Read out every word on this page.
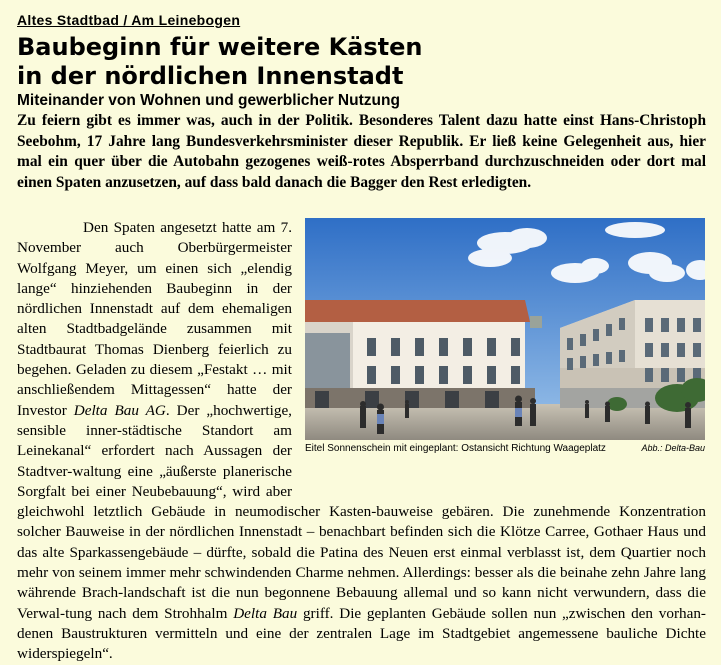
Altes Stadtbad / Am Leinebogen
Baubeginn für weitere Kästen
in der nördlichen Innenstadt
Miteinander von Wohnen und gewerblicher Nutzung

Zu feiern gibt es immer was, auch in der Politik. Besonderes Talent dazu hatte einst Hans-Christoph Seebohm, 17 Jahre lang Bundesverkehrsminister dieser Republik. Er ließ keine Gelegenheit aus, hier mal ein quer über die Autobahn gezogenes weiß-rotes Absperrband durchzuschneiden oder dort mal einen Spaten anzusetzen, auf dass bald danach die Bagger den Rest erledigten.

Den Spaten angesetzt hatte am 7. November auch Oberbürgermeister Wolfgang Meyer, um einen sich „elendig lange“ hinziehenden Baubeginn in der nördlichen Innenstadt auf dem ehemaligen alten Stadtbadgelände zusammen mit Stadtbaurat Thomas Dienberg feierlich zu begehen. Geladen zu diesem „Festakt … mit anschließendem Mittagessen“ hatte der Investor Delta Bau AG. Der „hochwertige, sensible inner-städtische Standort am Leinekanal“ erfordert nach Aussagen der Stadtver-waltung eine „äußerste planerische Sorgfalt bei einer Neubebauung“, wird aber gleichwohl letztlich Gebäude in neumodischer Kasten-bauweise gebären. Die zunehmende Konzentration solcher Bauweise in der nördlichen Innenstadt – benachbart befinden sich die Klötze Carree, Gothaer Haus und das alte Sparkassengebäude – dürfte, sobald die Patina des Neuen erst einmal verblasst ist, dem Quartier noch mehr von seinem immer mehr schwindenden Charme nehmen. Allerdings: besser als die beinahe zehn Jahre lang währende Brach-landschaft ist die nun begonnene Bebauung allemal und so kann nicht verwundern, dass die Verwal-tung nach dem Strohhalm Delta Bau griff. Die geplanten Gebäude sollen nun „zwischen den vorhan-denen Baustrukturen vermitteln und eine der zentralen Lage im Stadtgebiet angemessene bauliche Dichte widerspiegeln“.

Eitel Sonnenschein mit eingeplant: Ostansicht Richtung Waageplatz	Abb.: Delta-Bau
